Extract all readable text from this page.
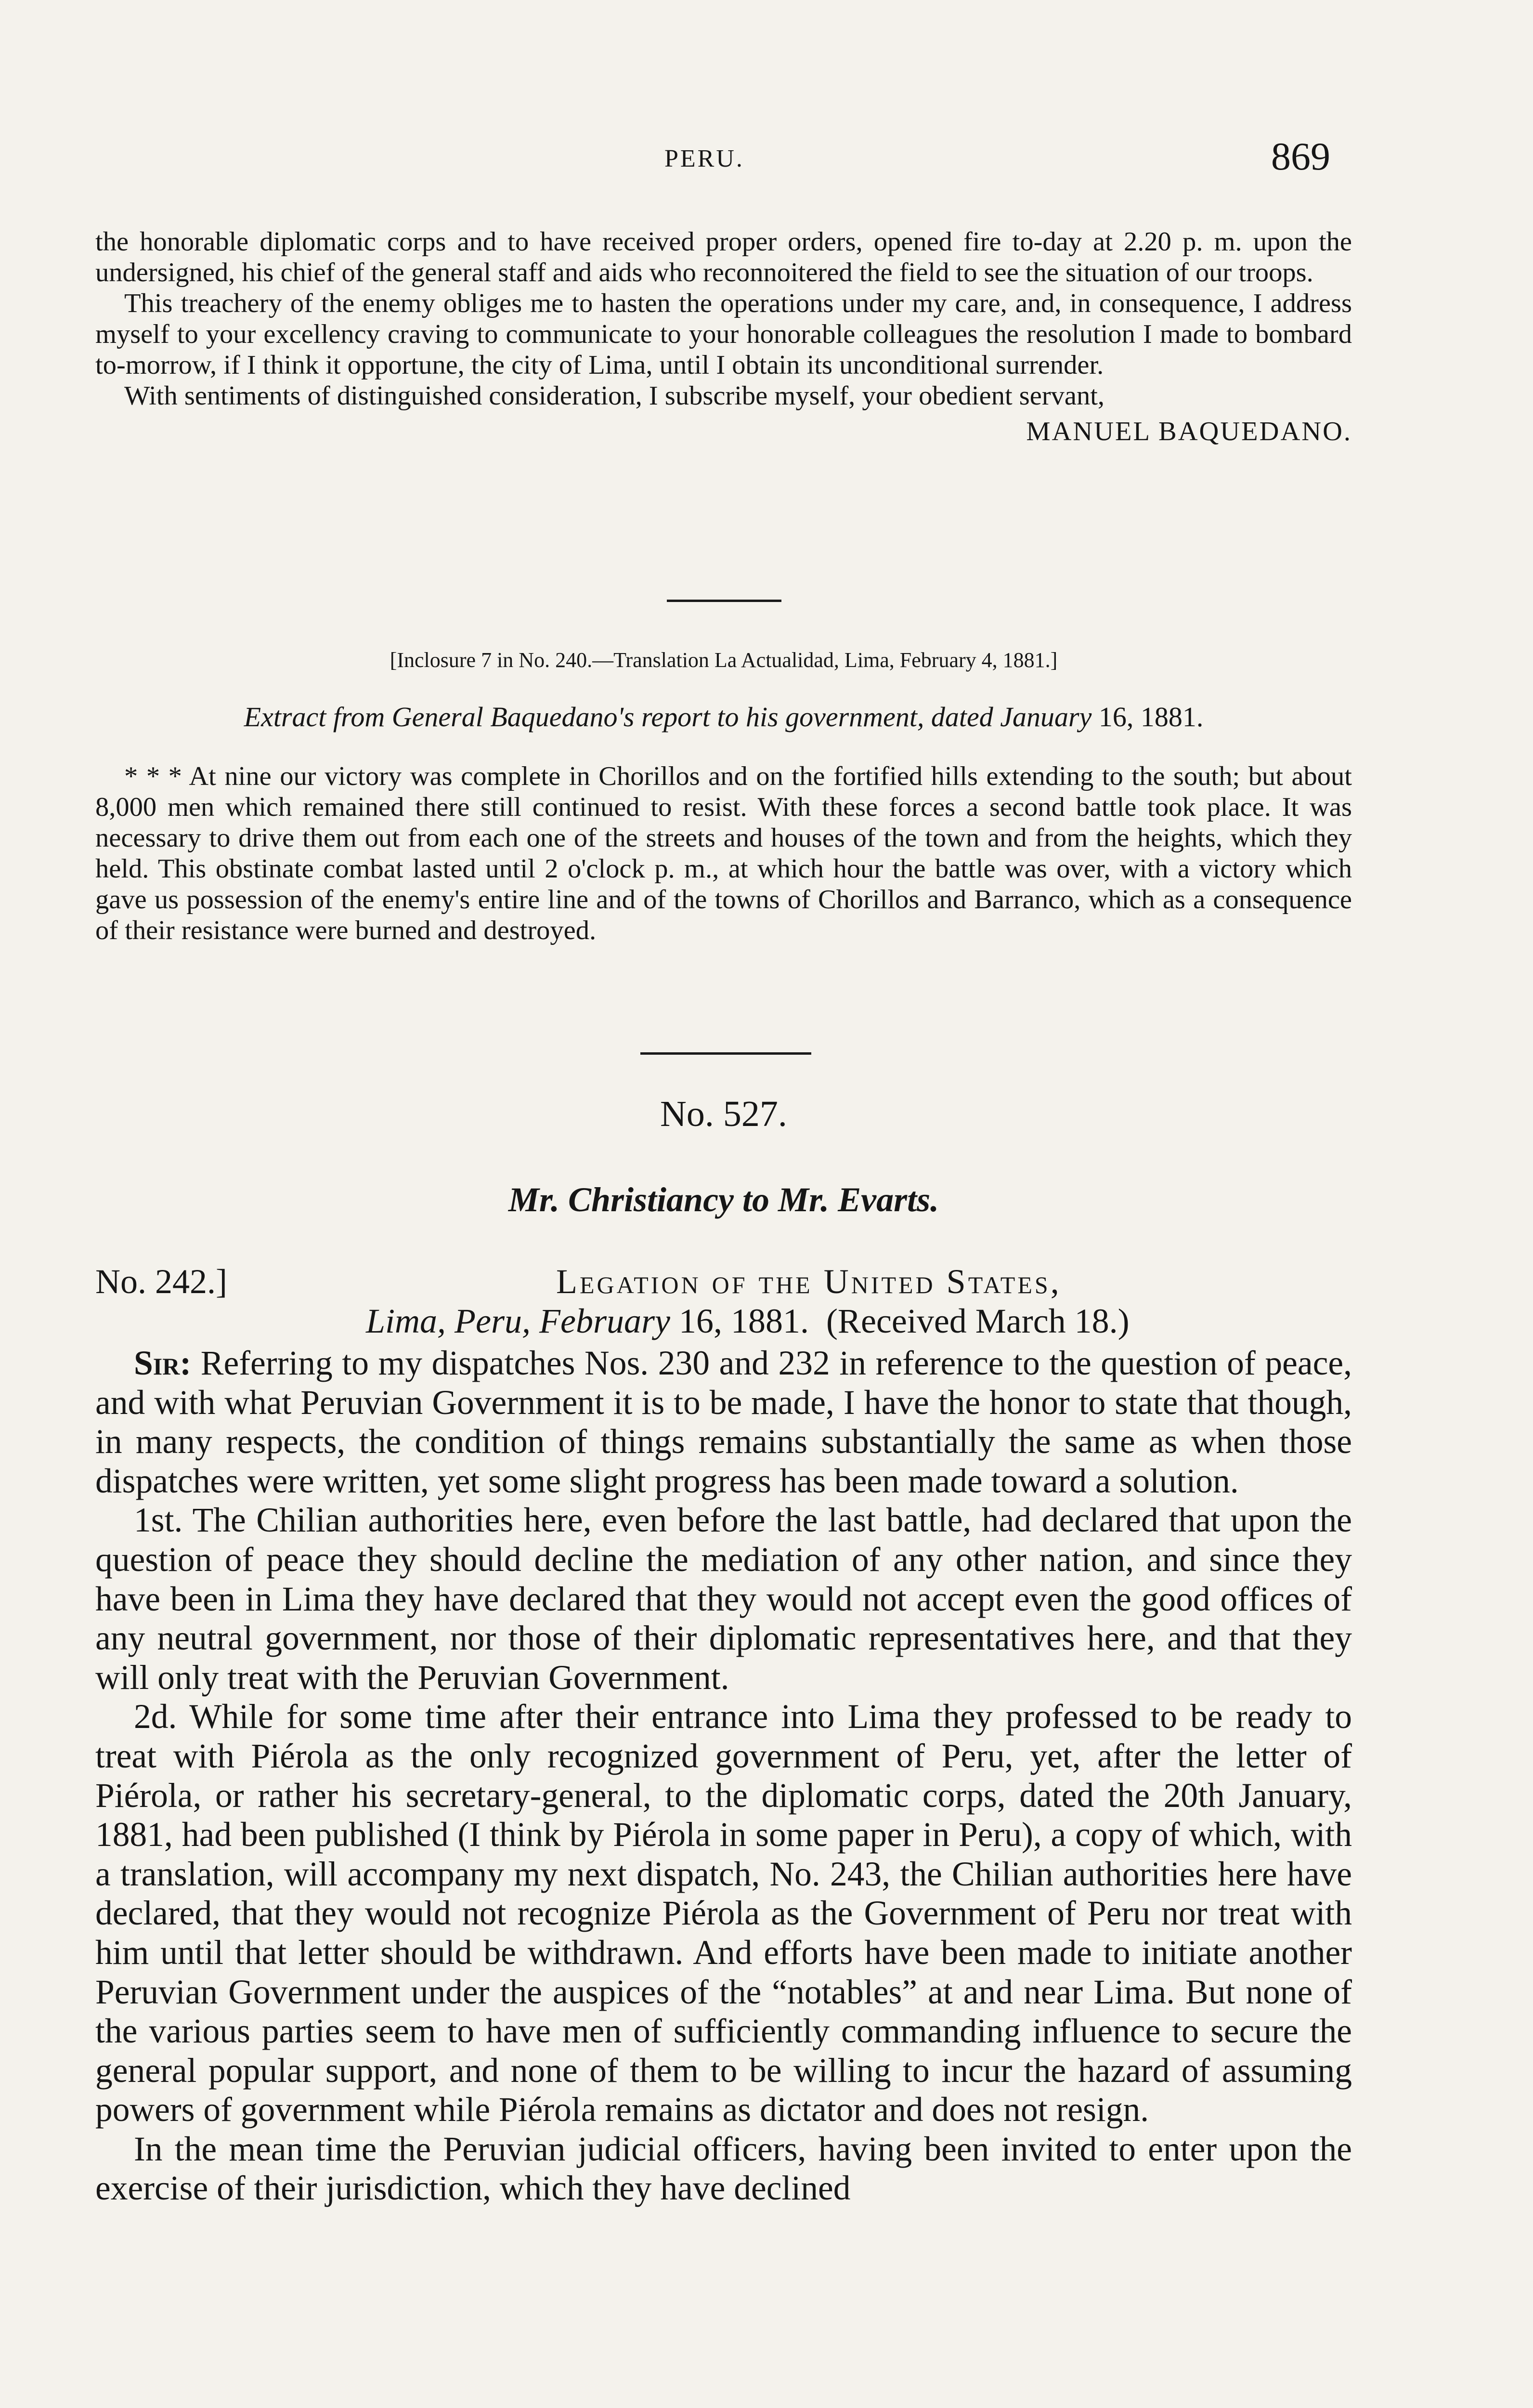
PERU.	869

the honorable diplomatic corps and to have received proper orders, opened fire to-day at 2.20 p. m. upon the undersigned, his chief of the general staff and aids who reconnoitered the field to see the situation of our troops.

This treachery of the enemy obliges me to hasten the operations under my care, and, in consequence, I address myself to your excellency craving to communicate to your honorable colleagues the resolution I made to bombard to-morrow, if I think it opportune, the city of Lima, until I obtain its unconditional surrender.

With sentiments of distinguished consideration, I subscribe myself, your obedient servant,

MANUEL BAQUEDANO.

[Inclosure 7 in No. 240.—Translation La Actualidad, Lima, February 4, 1881.]
Extract from General Baquedano's report to his government, dated January 16, 1881.

* * * At nine our victory was complete in Chorillos and on the fortified hills extending to the south; but about 8,000 men which remained there still continued to resist. With these forces a second battle took place. It was necessary to drive them out from each one of the streets and houses of the town and from the heights, which they held. This obstinate combat lasted until 2 o'clock p. m., at which hour the battle was over, with a victory which gave us possession of the enemy's entire line and of the towns of Chorillos and Barranco, which as a consequence of their resistance were burned and destroyed.

No. 527.
Mr. Christiancy to Mr. Evarts.
No. 242.]	Legation of the United States,
Lima, Peru, February 16, 1881. (Received March 18.)

Sir: Referring to my dispatches Nos. 230 and 232 in reference to the question of peace, and with what Peruvian Government it is to be made, I have the honor to state that though, in many respects, the condition of things remains substantially the same as when those dispatches were written, yet some slight progress has been made toward a solution.

1st. The Chilian authorities here, even before the last battle, had declared that upon the question of peace they should decline the mediation of any other nation, and since they have been in Lima they have declared that they would not accept even the good offices of any neutral government, nor those of their diplomatic representatives here, and that they will only treat with the Peruvian Government.

2d. While for some time after their entrance into Lima they professed to be ready to treat with Piérola as the only recognized government of Peru, yet, after the letter of Piérola, or rather his secretary-general, to the diplomatic corps, dated the 20th January, 1881, had been published (I think by Piérola in some paper in Peru), a copy of which, with a translation, will accompany my next dispatch, No. 243, the Chilian authorities here have declared, that they would not recognize Piérola as the Government of Peru nor treat with him until that letter should be withdrawn. And efforts have been made to initiate another Peruvian Government under the auspices of the “notables” at and near Lima. But none of the various parties seem to have men of sufficiently commanding influence to secure the general popular support, and none of them to be willing to incur the hazard of assuming powers of government while Piérola remains as dictator and does not resign.

In the mean time the Peruvian judicial officers, having been invited to enter upon the exercise of their jurisdiction, which they have declined
